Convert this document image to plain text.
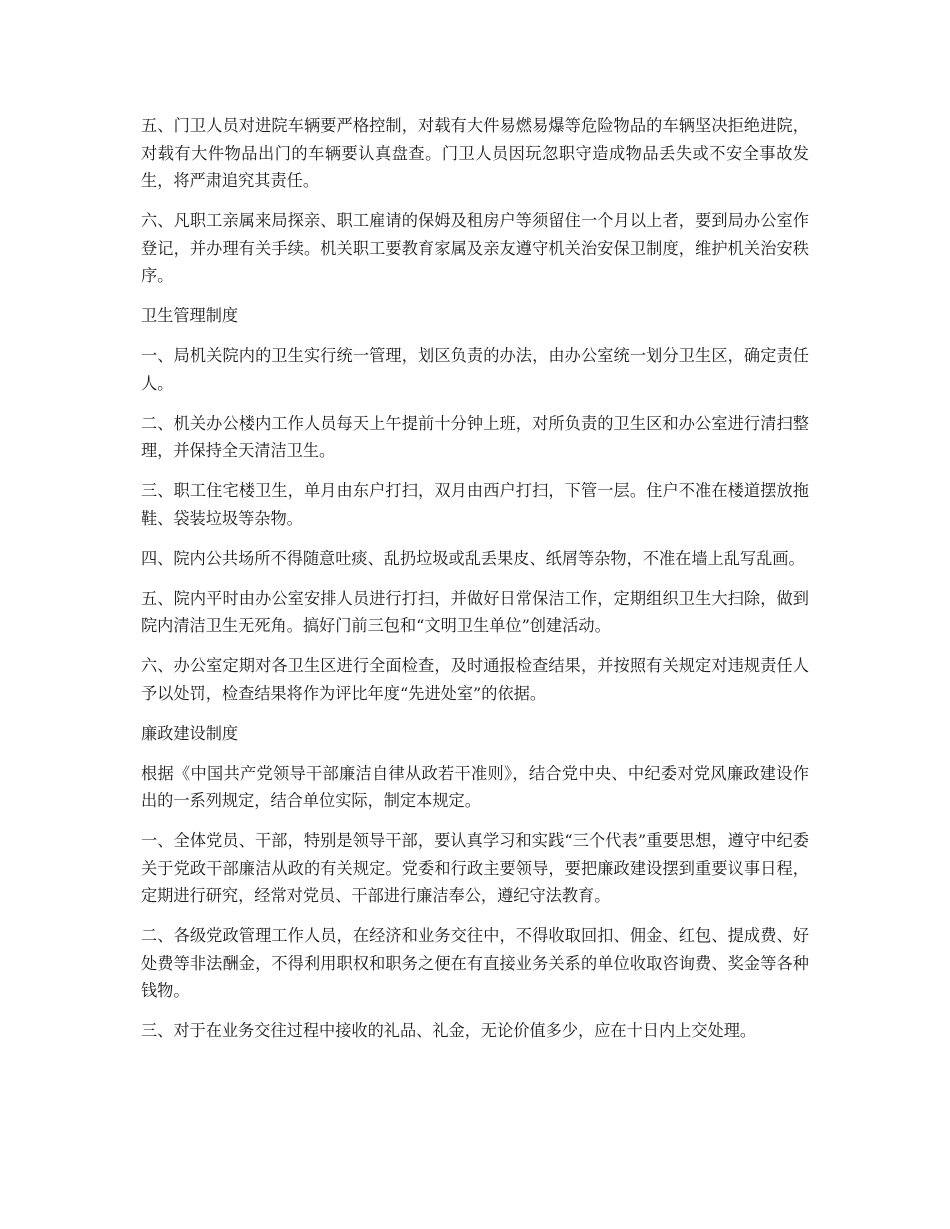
五、门卫人员对进院车辆要严格控制，对载有大件易燃易爆等危险物品的车辆坚决拒绝进院，对载有大件物品出门的车辆要认真盘查。门卫人员因玩忽职守造成物品丢失或不安全事故发生，将严肃追究其责任。

六、凡职工亲属来局探亲、职工雇请的保姆及租房户等须留住一个月以上者，要到局办公室作登记，并办理有关手续。机关职工要教育家属及亲友遵守机关治安保卫制度，维护机关治安秩序。

卫生管理制度

一、局机关院内的卫生实行统一管理，划区负责的办法，由办公室统一划分卫生区，确定责任人。

二、机关办公楼内工作人员每天上午提前十分钟上班，对所负责的卫生区和办公室进行清扫整理，并保持全天清洁卫生。

三、职工住宅楼卫生，单月由东户打扫，双月由西户打扫，下管一层。住户不准在楼道摆放拖鞋、袋装垃圾等杂物。

四、院内公共场所不得随意吐痰、乱扔垃圾或乱丢果皮、纸屑等杂物，不准在墙上乱写乱画。

五、院内平时由办公室安排人员进行打扫，并做好日常保洁工作，定期组织卫生大扫除，做到院内清洁卫生无死角。搞好门前三包和“文明卫生单位”创建活动。

六、办公室定期对各卫生区进行全面检查，及时通报检查结果，并按照有关规定对违规责任人予以处罚，检查结果将作为评比年度“先进处室”的依据。

廉政建设制度

根据《中国共产党领导干部廉洁自律从政若干准则》，结合党中央、中纪委对党风廉政建设作出的一系列规定，结合单位实际，制定本规定。

一、全体党员、干部，特别是领导干部，要认真学习和实践“三个代表”重要思想，遵守中纪委关于党政干部廉洁从政的有关规定。党委和行政主要领导，要把廉政建设摆到重要议事日程，定期进行研究，经常对党员、干部进行廉洁奉公，遵纪守法教育。

二、各级党政管理工作人员，在经济和业务交往中，不得收取回扣、佣金、红包、提成费、好处费等非法酬金，不得利用职权和职务之便在有直接业务关系的单位收取咨询费、奖金等各种钱物。

三、对于在业务交往过程中接收的礼品、礼金，无论价值多少，应在十日内上交处理。
